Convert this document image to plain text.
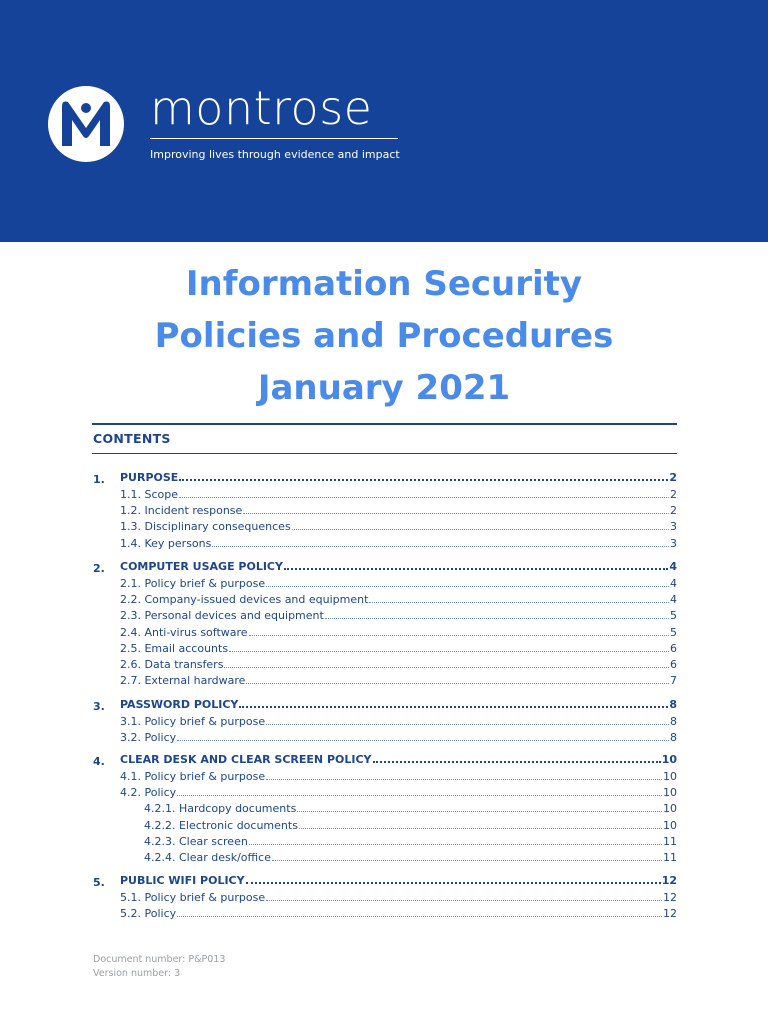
montrose
Improving lives through evidence and impact
Information Security
Policies and Procedures
January 2021
CONTENTS
1. PURPOSE	2
1.1. Scope	2
1.2. Incident response	2
1.3. Disciplinary consequences	3
1.4. Key persons	3
2. COMPUTER USAGE POLICY	4
2.1. Policy brief & purpose	4
2.2. Company-issued devices and equipment	4
2.3. Personal devices and equipment	5
2.4. Anti-virus software	5
2.5. Email accounts	6
2.6. Data transfers	6
2.7. External hardware	7
3. PASSWORD POLICY	8
3.1. Policy brief & purpose	8
3.2. Policy	8
4. CLEAR DESK AND CLEAR SCREEN POLICY	10
4.1. Policy brief & purpose	10
4.2. Policy	10
4.2.1. Hardcopy documents	10
4.2.2. Electronic documents	10
4.2.3. Clear screen	11
4.2.4. Clear desk/office	11
5. PUBLIC WIFI POLICY	12
5.1. Policy brief & purpose	12
5.2. Policy	12
Document number: P&P013
Version number: 3
